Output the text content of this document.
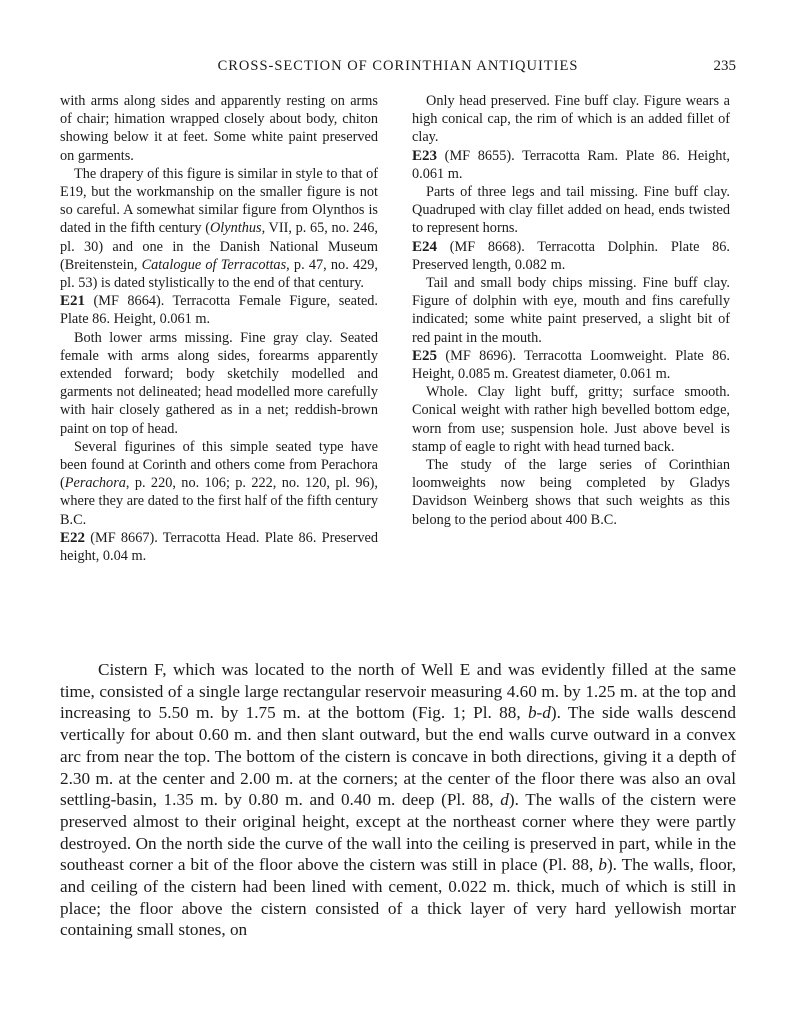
CROSS-SECTION OF CORINTHIAN ANTIQUITIES	235

with arms along sides and apparently resting on arms of chair; himation wrapped closely about body, chiton showing below it at feet. Some white paint preserved on garments.

The drapery of this figure is similar in style to that of E19, but the workmanship on the smaller figure is not so careful. A somewhat similar figure from Olynthos is dated in the fifth century (Olynthus, VII, p. 65, no. 246, pl. 30) and one in the Danish National Museum (Breitenstein, Catalogue of Terracottas, p. 47, no. 429, pl. 53) is dated stylistically to the end of that century.

E21 (MF 8664). Terracotta Female Figure, seated. Plate 86. Height, 0.061 m.

Both lower arms missing. Fine gray clay. Seated female with arms along sides, forearms apparently extended forward; body sketchily modelled and garments not delineated; head modelled more carefully with hair closely gathered as in a net; reddish-brown paint on top of head.

Several figurines of this simple seated type have been found at Corinth and others come from Perachora (Perachora, p. 220, no. 106; p. 222, no. 120, pl. 96), where they are dated to the first half of the fifth century B.C.

E22 (MF 8667). Terracotta Head. Plate 86. Preserved height, 0.04 m.

Only head preserved. Fine buff clay. Figure wears a high conical cap, the rim of which is an added fillet of clay.

E23 (MF 8655). Terracotta Ram. Plate 86. Height, 0.061 m.

Parts of three legs and tail missing. Fine buff clay. Quadruped with clay fillet added on head, ends twisted to represent horns.

E24 (MF 8668). Terracotta Dolphin. Plate 86. Preserved length, 0.082 m.

Tail and small body chips missing. Fine buff clay. Figure of dolphin with eye, mouth and fins carefully indicated; some white paint preserved, a slight bit of red paint in the mouth.

E25 (MF 8696). Terracotta Loomweight. Plate 86. Height, 0.085 m. Greatest diameter, 0.061 m.

Whole. Clay light buff, gritty; surface smooth. Conical weight with rather high bevelled bottom edge, worn from use; suspension hole. Just above bevel is stamp of eagle to right with head turned back.

The study of the large series of Corinthian loomweights now being completed by Gladys Davidson Weinberg shows that such weights as this belong to the period about 400 B.C.

Cistern F, which was located to the north of Well E and was evidently filled at the same time, consisted of a single large rectangular reservoir measuring 4.60 m. by 1.25 m. at the top and increasing to 5.50 m. by 1.75 m. at the bottom (Fig. 1; Pl. 88, b-d). The side walls descend vertically for about 0.60 m. and then slant outward, but the end walls curve outward in a convex arc from near the top. The bottom of the cistern is concave in both directions, giving it a depth of 2.30 m. at the center and 2.00 m. at the corners; at the center of the floor there was also an oval settling-basin, 1.35 m. by 0.80 m. and 0.40 m. deep (Pl. 88, d). The walls of the cistern were preserved almost to their original height, except at the northeast corner where they were partly destroyed. On the north side the curve of the wall into the ceiling is preserved in part, while in the southeast corner a bit of the floor above the cistern was still in place (Pl. 88, b). The walls, floor, and ceiling of the cistern had been lined with cement, 0.022 m. thick, much of which is still in place; the floor above the cistern consisted of a thick layer of very hard yellowish mortar containing small stones, on
